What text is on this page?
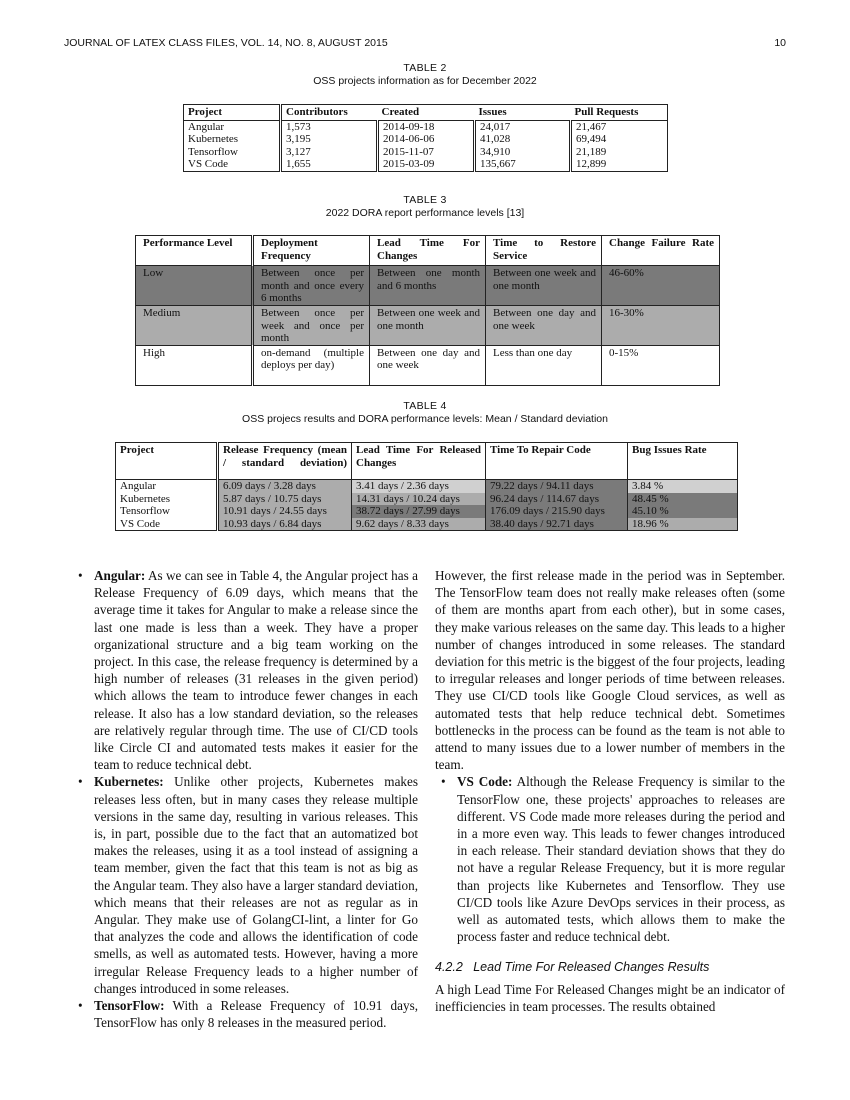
JOURNAL OF LATEX CLASS FILES, VOL. 14, NO. 8, AUGUST 2015	10
TABLE 2
OSS projects information as for December 2022
Project	Contributors	Created	Issues	Pull Requests
Angular	1,573	2014-09-18	24,017	21,467
Kubernetes	3,195	2014-06-06	41,028	69,494
Tensorflow	3,127	2015-11-07	34,910	21,189
VS Code	1,655	2015-03-09	135,667	12,899
TABLE 3
2022 DORA report performance levels [13]
Performance Level	Deployment Frequency	Lead Time For Changes	Time to Restore Service	Change Failure Rate
Low	Between once per month and once every 6 months	Between one month and 6 months	Between one week and one month	46-60%
Medium	Between once per week and once per month	Between one week and one month	Between one day and one week	16-30%
High	on-demand (multiple deploys per day)	Between one day and one week	Less than one day	0-15%
TABLE 4
OSS projecs results and DORA performance levels: Mean / Standard deviation
Project	Release Frequency (mean / standard deviation)	Lead Time For Released Changes	Time To Repair Code	Bug Issues Rate
Angular	6.09 days / 3.28 days	3.41 days / 2.36 days	79.22 days / 94.11 days	3.84 %
Kubernetes	5.87 days / 10.75 days	14.31 days / 10.24 days	96.24 days / 114.67 days	48.45 %
Tensorflow	10.91 days / 24.55 days	38.72 days / 27.99 days	176.09 days / 215.90 days	45.10 %
VS Code	10.93 days / 6.84 days	9.62 days / 8.33 days	38.40 days / 92.71 days	18.96 %
• Angular: As we can see in Table 4, the Angular project has a Release Frequency of 6.09 days, which means that the average time it takes for Angular to make a release since the last one made is less than a week. They have a proper organizational structure and a big team working on the project. In this case, the release frequency is determined by a high number of releases (31 releases in the given period) which allows the team to introduce fewer changes in each release. It also has a low standard deviation, so the releases are relatively regular through time. The use of CI/CD tools like Circle CI and automated tests makes it easier for the team to reduce technical debt.
• Kubernetes: Unlike other projects, Kubernetes makes releases less often, but in many cases they release multiple versions in the same day, resulting in various releases. This is, in part, possible due to the fact that an automatized bot makes the releases, using it as a tool instead of assigning a team member, given the fact that this team is not as big as the Angular team. They also have a larger standard deviation, which means that their releases are not as regular as in Angular. They make use of GolangCI-lint, a linter for Go that analyzes the code and allows the identification of code smells, as well as automated tests. However, having a more irregular Release Frequency leads to a higher number of changes introduced in some releases.
• TensorFlow: With a Release Frequency of 10.91 days, TensorFlow has only 8 releases in the measured period.

However, the first release made in the period was in September. The TensorFlow team does not really make releases often (some of them are months apart from each other), but in some cases, they make various releases on the same day. This leads to a higher number of changes introduced in some releases. The standard deviation for this metric is the biggest of the four projects, leading to irregular releases and longer periods of time between releases. They use CI/CD tools like Google Cloud services, as well as automated tests that help reduce technical debt. Sometimes bottlenecks in the process can be found as the team is not able to attend to many issues due to a lower number of members in the team.

• VS Code: Although the Release Frequency is similar to the TensorFlow one, these projects' approaches to releases are different. VS Code made more releases during the period and in a more even way. This leads to fewer changes introduced in each release. Their standard deviation shows that they do not have a regular Release Frequency, but it is more regular than projects like Kubernetes and Tensorflow. They use CI/CD tools like Azure DevOps services in their process, as well as automated tests, which allows them to make the process faster and reduce technical debt.
4.2.2   Lead Time For Released Changes Results

A high Lead Time For Released Changes might be an indicator of inefficiencies in team processes. The results obtained
